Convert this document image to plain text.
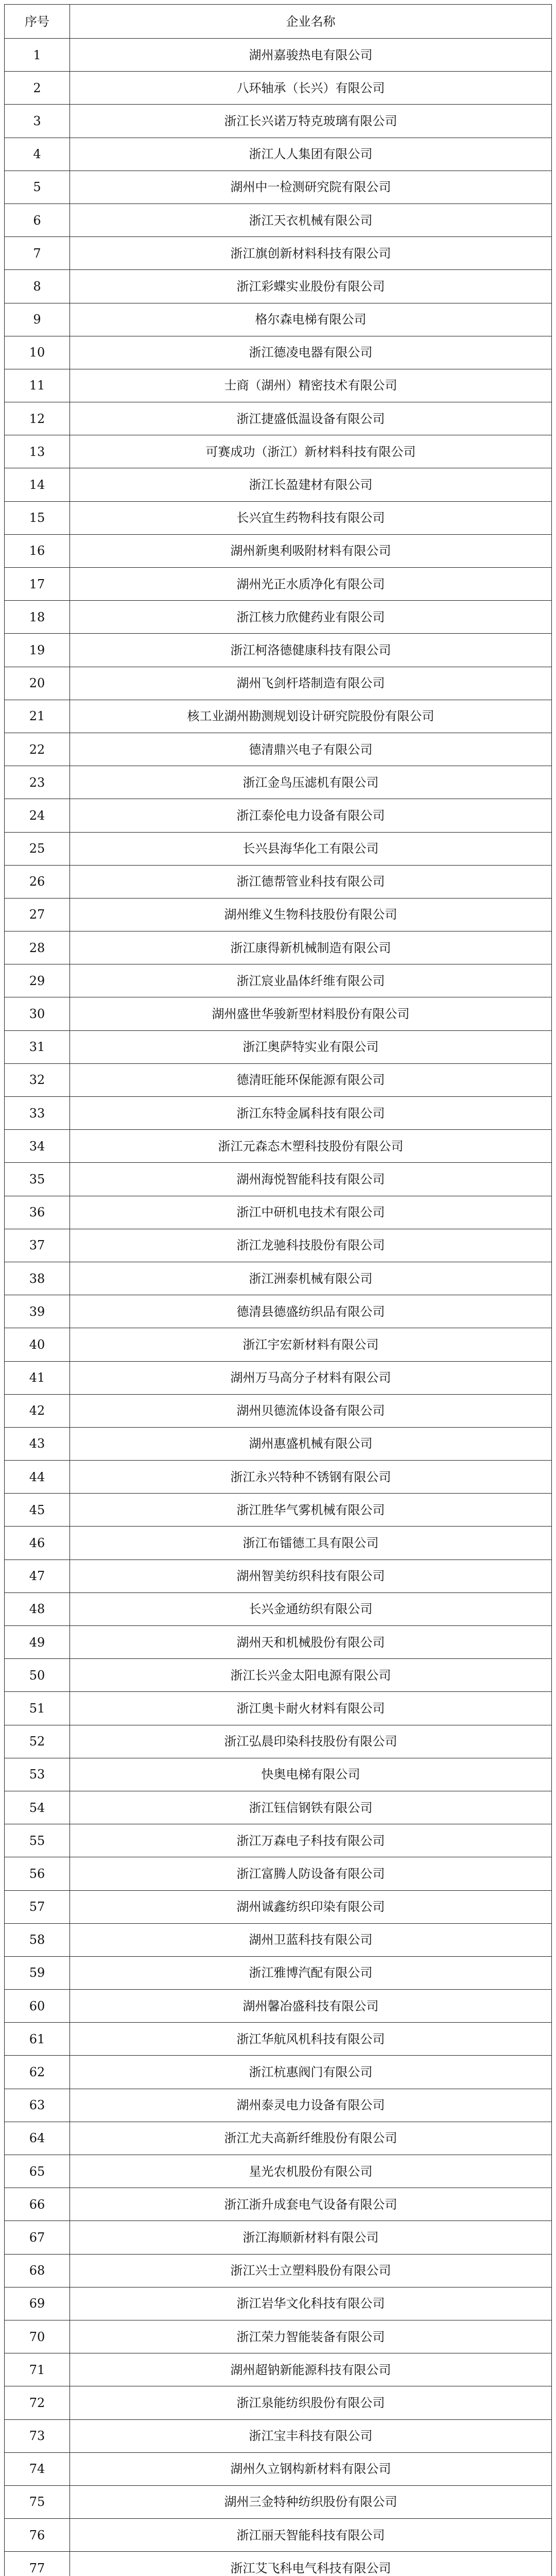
序号	企业名称
1	湖州嘉骏热电有限公司
2	八环轴承（长兴）有限公司
3	浙江长兴诺万特克玻璃有限公司
4	浙江人人集团有限公司
5	湖州中一检测研究院有限公司
6	浙江天衣机械有限公司
7	浙江旗创新材料科技有限公司
8	浙江彩蝶实业股份有限公司
9	格尔森电梯有限公司
10	浙江德凌电器有限公司
11	士商（湖州）精密技术有限公司
12	浙江捷盛低温设备有限公司
13	可赛成功（浙江）新材料科技有限公司
14	浙江长盈建材有限公司
15	长兴宜生药物科技有限公司
16	湖州新奥利吸附材料有限公司
17	湖州光正水质净化有限公司
18	浙江核力欣健药业有限公司
19	浙江柯洛德健康科技有限公司
20	湖州飞剑杆塔制造有限公司
21	核工业湖州勘测规划设计研究院股份有限公司
22	德清鼎兴电子有限公司
23	浙江金鸟压滤机有限公司
24	浙江泰伦电力设备有限公司
25	长兴县海华化工有限公司
26	浙江德帮管业科技有限公司
27	湖州维义生物科技股份有限公司
28	浙江康得新机械制造有限公司
29	浙江宸业晶体纤维有限公司
30	湖州盛世华骏新型材料股份有限公司
31	浙江奥萨特实业有限公司
32	德清旺能环保能源有限公司
33	浙江东特金属科技有限公司
34	浙江元森态木塑科技股份有限公司
35	湖州海悦智能科技有限公司
36	浙江中研机电技术有限公司
37	浙江龙驰科技股份有限公司
38	浙江洲泰机械有限公司
39	德清县德盛纺织品有限公司
40	浙江宇宏新材料有限公司
41	湖州万马高分子材料有限公司
42	湖州贝德流体设备有限公司
43	湖州惠盛机械有限公司
44	浙江永兴特种不锈钢有限公司
45	浙江胜华气雾机械有限公司
46	浙江布镭德工具有限公司
47	湖州智美纺织科技有限公司
48	长兴金通纺织有限公司
49	湖州天和机械股份有限公司
50	浙江长兴金太阳电源有限公司
51	浙江奥卡耐火材料有限公司
52	浙江弘晨印染科技股份有限公司
53	快奥电梯有限公司
54	浙江钰信钢铁有限公司
55	浙江万森电子科技有限公司
56	浙江富腾人防设备有限公司
57	湖州诚鑫纺织印染有限公司
58	湖州卫蓝科技有限公司
59	浙江雅博汽配有限公司
60	湖州馨冶盛科技有限公司
61	浙江华航风机科技有限公司
62	浙江杭惠阀门有限公司
63	湖州泰灵电力设备有限公司
64	浙江尤夫高新纤维股份有限公司
65	星光农机股份有限公司
66	浙江浙升成套电气设备有限公司
67	浙江海顺新材料有限公司
68	浙江兴士立塑料股份有限公司
69	浙江岩华文化科技有限公司
70	浙江荣力智能装备有限公司
71	湖州超钠新能源科技有限公司
72	浙江泉能纺织股份有限公司
73	浙江宝丰科技有限公司
74	湖州久立钢构新材料有限公司
75	湖州三金特种纺织股份有限公司
76	浙江丽天智能科技有限公司
77	浙江艾飞科电气科技有限公司
